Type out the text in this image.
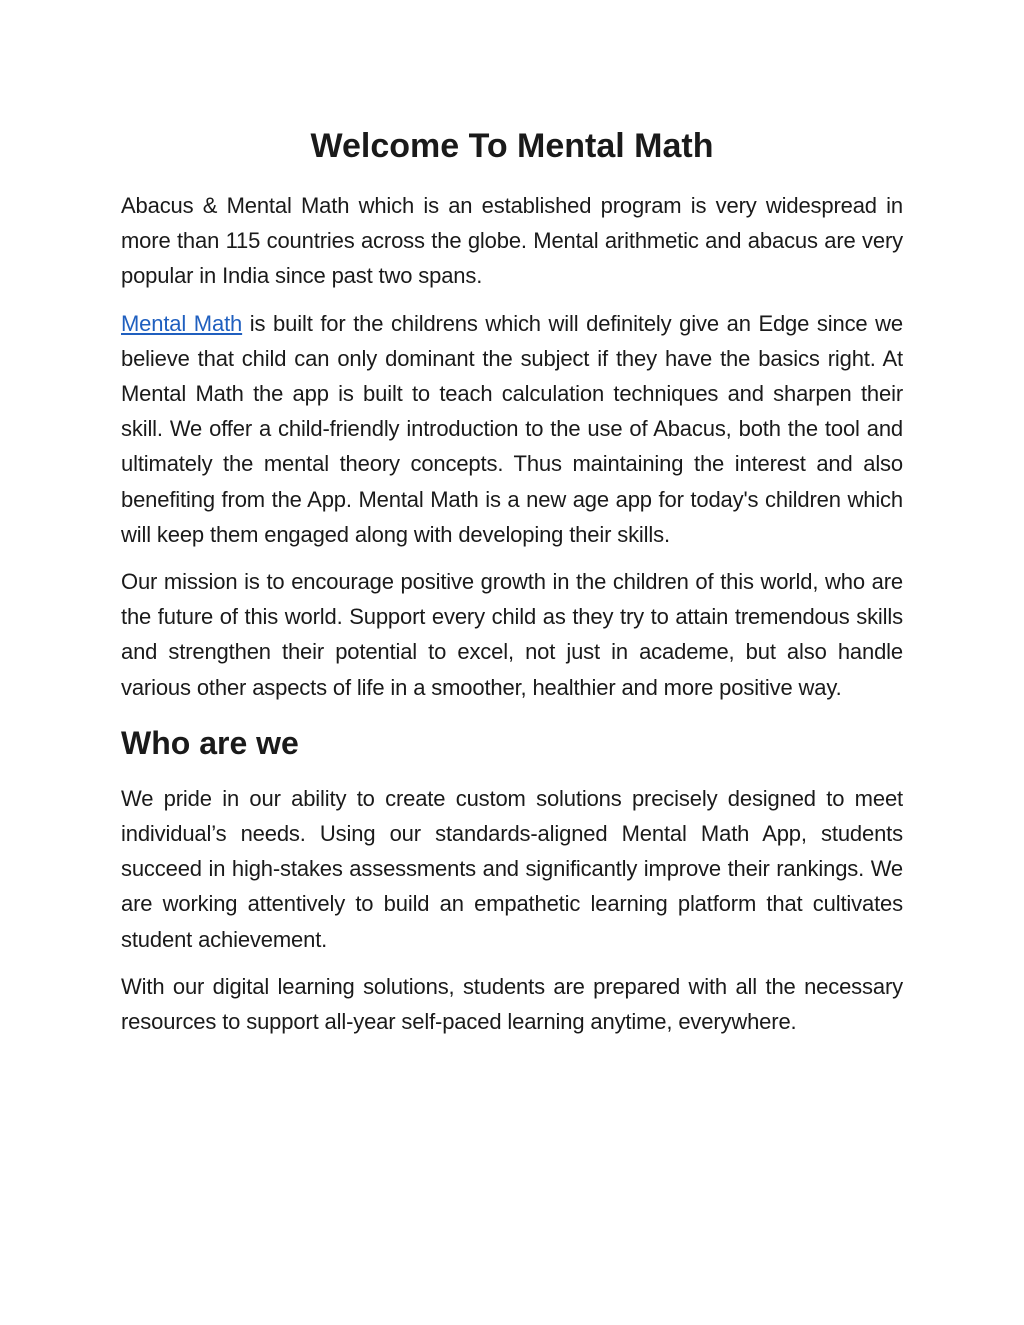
Welcome To Mental Math

Abacus & Mental Math which is an established program is very widespread in more than 115 countries across the globe. Mental arithmetic and abacus are very popular in India since past two spans.

Mental Math is built for the childrens which will definitely give an Edge since we believe that child can only dominant the subject if they have the basics right. At Mental Math the app is built to teach calculation techniques and sharpen their skill. We offer a child-friendly introduction to the use of Abacus, both the tool and ultimately the mental theory concepts. Thus maintaining the interest and also benefiting from the App. Mental Math is a new age app for today's children which will keep them engaged along with developing their skills.

Our mission is to encourage positive growth in the children of this world, who are the future of this world. Support every child as they try to attain tremendous skills and strengthen their potential to excel, not just in academe, but also handle various other aspects of life in a smoother, healthier and more positive way.

Who are we

We pride in our ability to create custom solutions precisely designed to meet individual’s needs. Using our standards-aligned Mental Math App, students succeed in high-stakes assessments and significantly improve their rankings. We are working attentively to build an empathetic learning platform that cultivates student achievement.

With our digital learning solutions, students are prepared with all the necessary resources to support all-year self-paced learning anytime, everywhere.
